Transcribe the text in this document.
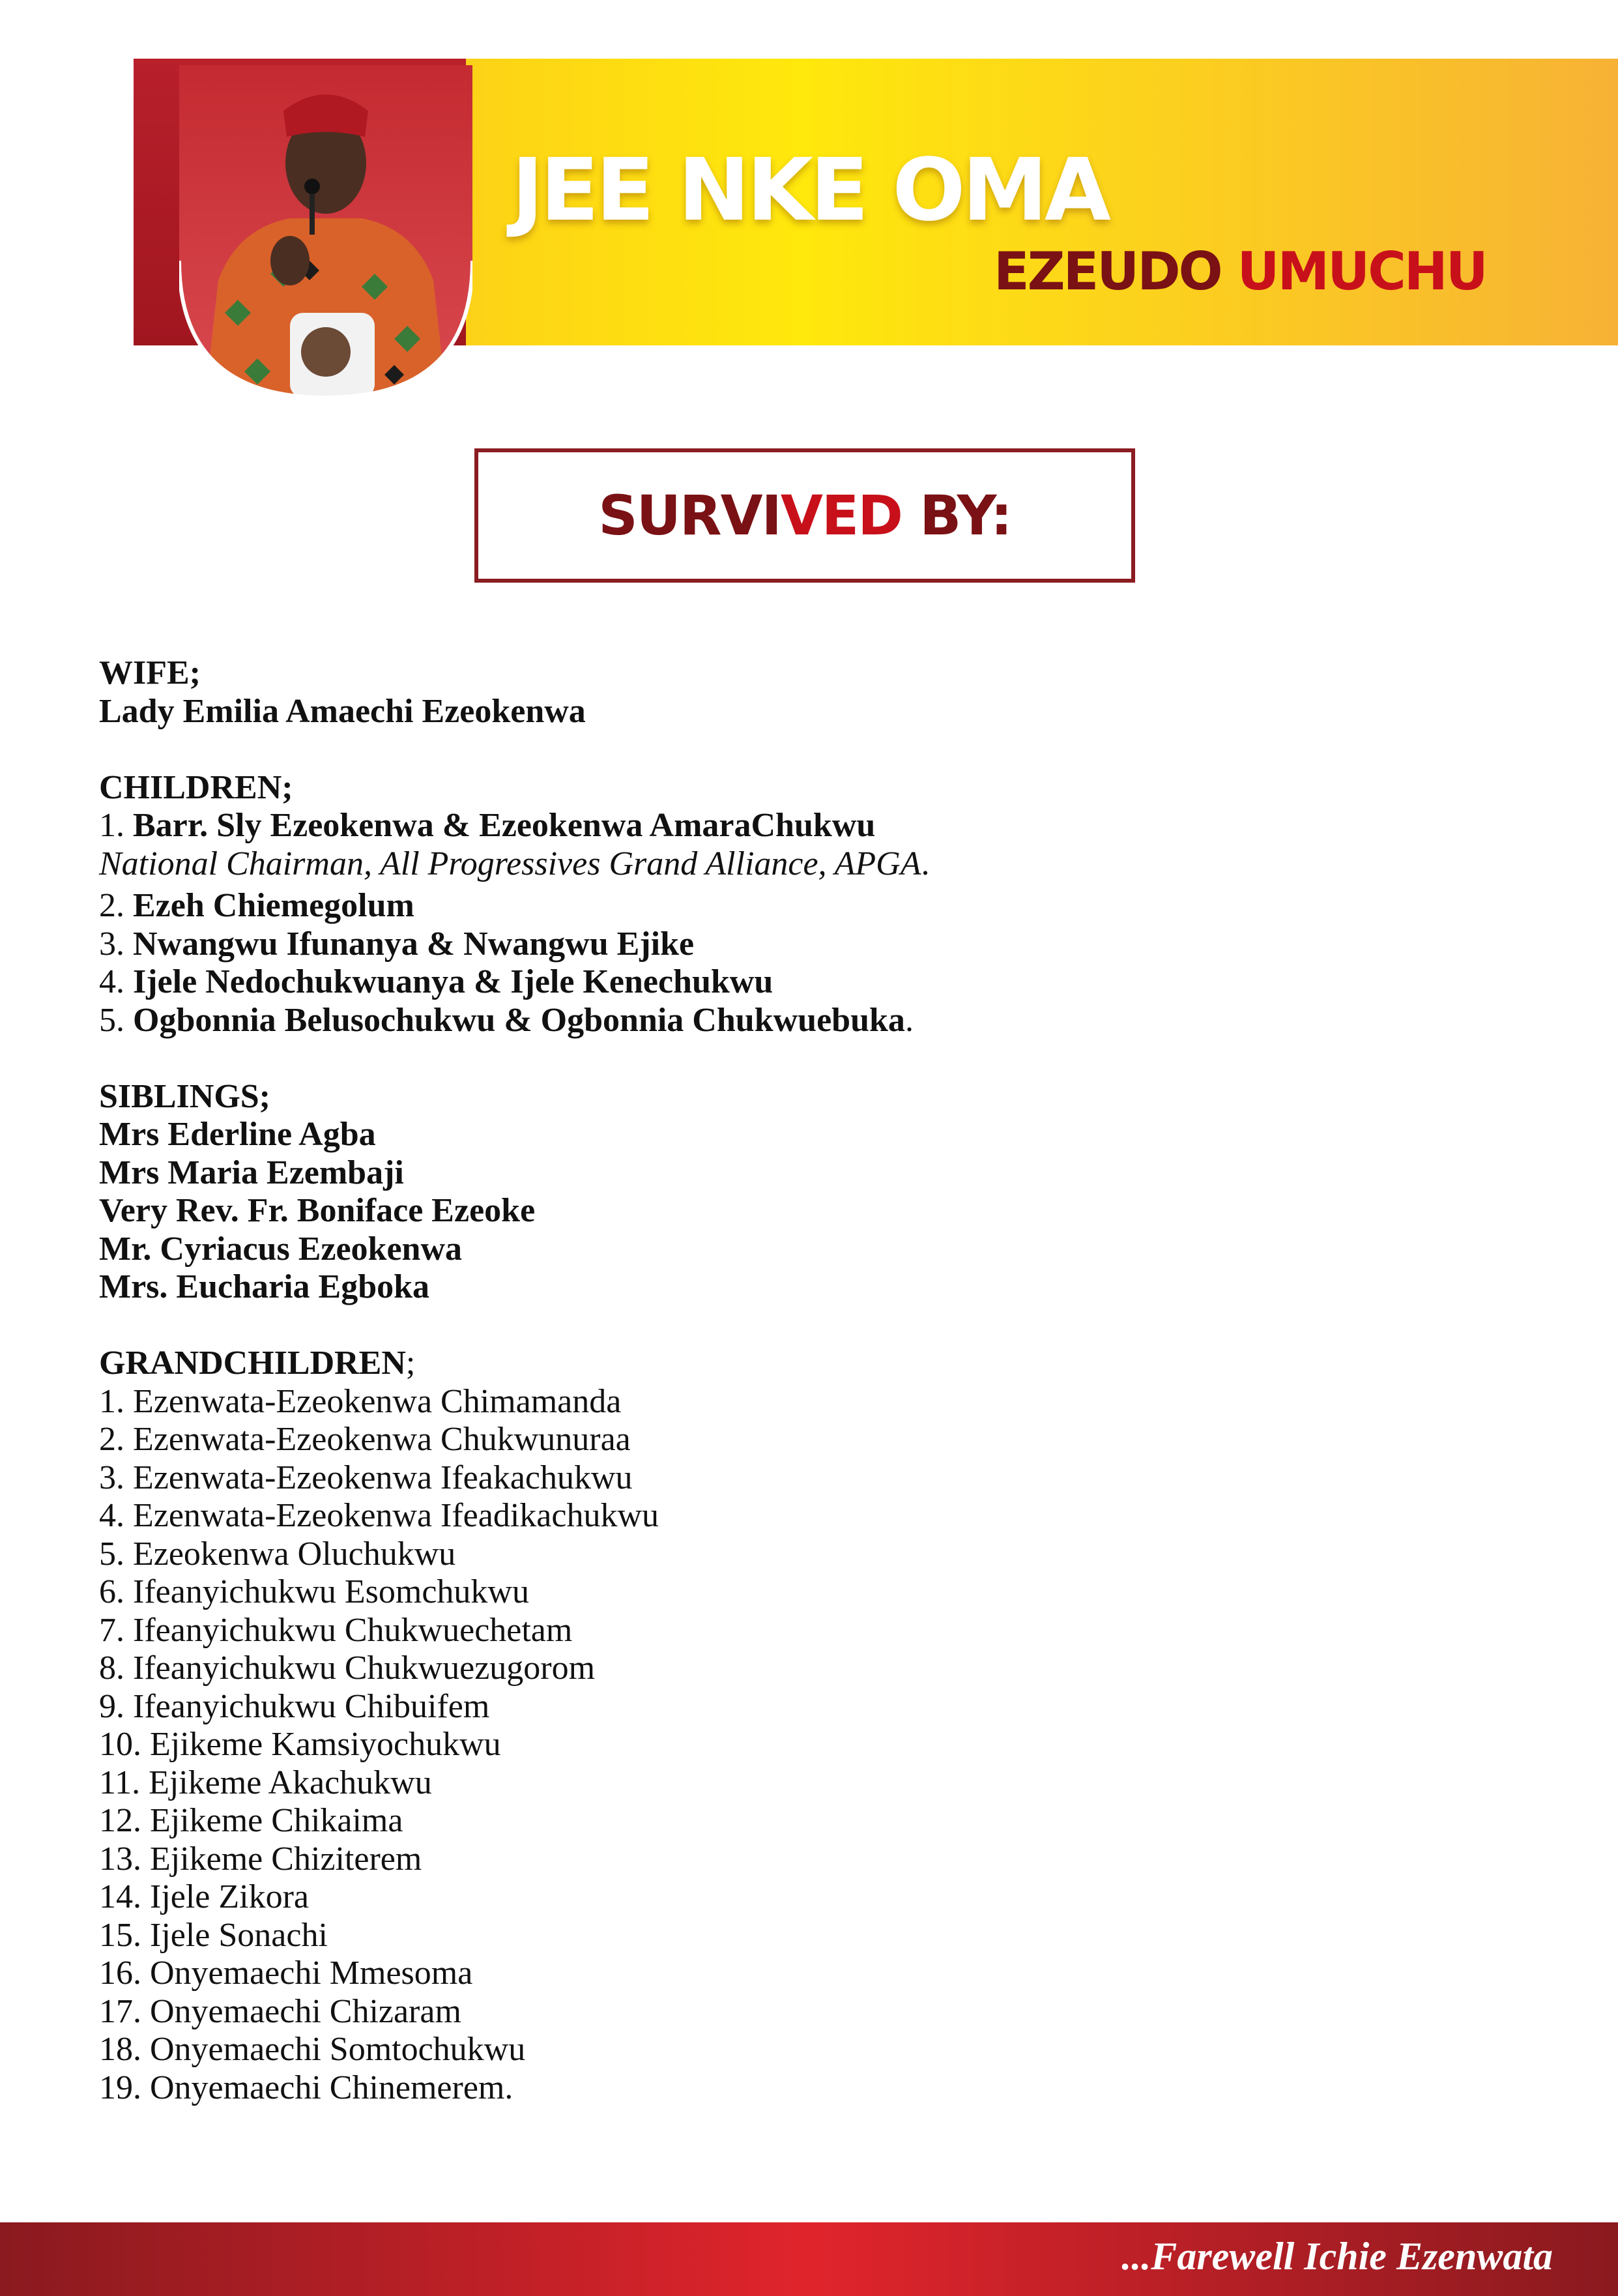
JEE NKE OMA
EZEUDO UMUCHU
SURVIVED BY:
WIFE;
Lady Emilia Amaechi Ezeokenwa
CHILDREN;
1. Barr. Sly Ezeokenwa & Ezeokenwa AmaraChukwu
National Chairman, All Progressives Grand Alliance, APGA.
2. Ezeh Chiemegolum
3. Nwangwu Ifunanya & Nwangwu Ejike
4. Ijele Nedochukwuanya & Ijele Kenechukwu
5. Ogbonnia Belusochukwu & Ogbonnia Chukwuebuka.
SIBLINGS;
Mrs Ederline Agba
Mrs Maria Ezembaji
Very Rev. Fr. Boniface Ezeoke
Mr. Cyriacus Ezeokenwa
Mrs. Eucharia Egboka
GRANDCHILDREN;
1. Ezenwata-Ezeokenwa Chimamanda
2. Ezenwata-Ezeokenwa Chukwunuraa
3. Ezenwata-Ezeokenwa Ifeakachukwu
4. Ezenwata-Ezeokenwa Ifeadikachukwu
5. Ezeokenwa Oluchukwu
6. Ifeanyichukwu Esomchukwu
7. Ifeanyichukwu Chukwuechetam
8. Ifeanyichukwu Chukwuezugorom
9. Ifeanyichukwu Chibuifem
10. Ejikeme Kamsiyochukwu
11. Ejikeme Akachukwu
12. Ejikeme Chikaima
13. Ejikeme Chiziterem
14. Ijele Zikora
15. Ijele Sonachi
16. Onyemaechi Mmesoma
17. Onyemaechi Chizaram
18. Onyemaechi Somtochukwu
19. Onyemaechi Chinemerem.
...Farewell Ichie Ezenwata
